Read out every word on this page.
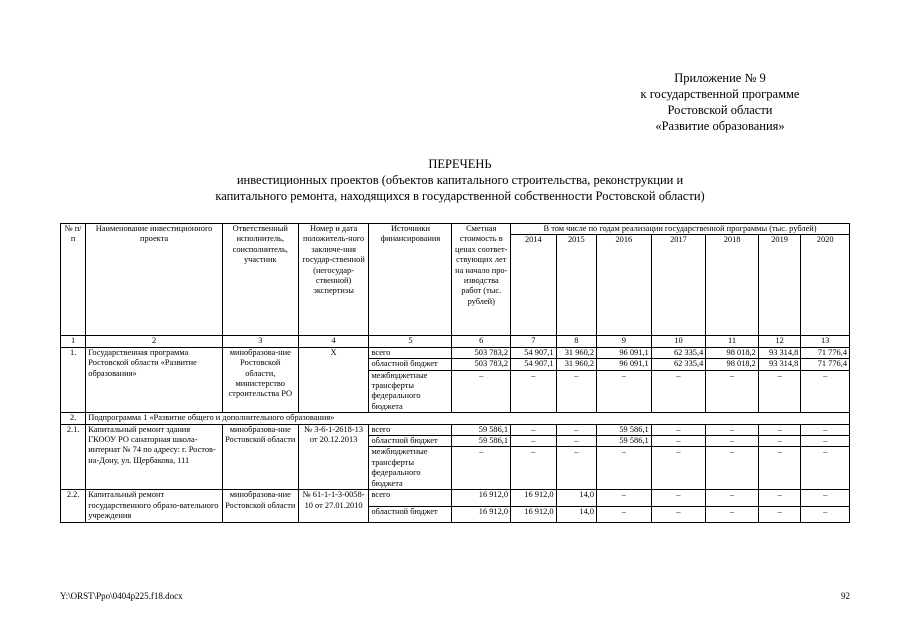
Приложение № 9
к государственной программе
Ростовской области
«Развитие образования»
ПЕРЕЧЕНЬ
инвестиционных проектов (объектов капитального строительства, реконструкции и
капитального ремонта, находящихся в государственной собственности Ростовской области)
№ п/п	Наименование инвестиционного проекта	Ответственный исполнитель, соисполнитель, участник	Номер и дата положитель-ного заключе-ния государ-ственной (негосудар-ственной) экспертизы	Источники финансирования	Сметная стоимость в ценах соответ-ствующих лет на начало про-изводства работ (тыс. рублей)	В том числе по годам реализации государственной программы (тыс. рублей)						
						2014	2015	2016	2017	2018	2019	2020
1	2	3	4	5	6	7	8	9	10	11	12	13
1.	Государственная программа Ростовской области «Развитие образования»	минобразова-ние Ростовской области, министерство строительства РО	Х	всего	503 783,2	54 907,1	31 960,2	96 091,1	62 335,4	98 018,2	93 314,8	71 776,4
				областной бюджет	503 783,2	54 907,1	31 960,2	96 091,1	62 335,4	98 018,2	93 314,8	71 776,4
				межбюджетные трансферты федерального бюджета	–	–	–	–	–	–	–	–
2.	Подпрограмма 1 «Развитие общего и дополнительного образования»											
2.1.	Капитальный ремонт здания ГКООУ РО санаторная школа-интернат № 74 по адресу: г. Ростов-на-Дону, ул. Щербакова, 111	минобразова-ние Ростовской области	№ 3-6-1-2618-13 от 20.12.2013	всего	59 586,1	–	–	59 586,1	–	–	–	–
				областной бюджет	59 586,1	–	–	59 586,1	–	–	–	–
				межбюджетные трансферты федерального бюджета	–	–	–	–	–	–	–	–
2.2.	Капитальный ремонт государственного образо-вательного учреждения	минобразова-ние Ростовской области	№ 61-1-1-3-0058-10 от 27.01.2010	всего	16 912,0	16 912,0	14,0	–	–	–	–	–
				областной бюджет	16 912,0	16 912,0	14,0	–	–	–	–	–
Y:\ORST\Ppo\0404p225.f18.docx	92
